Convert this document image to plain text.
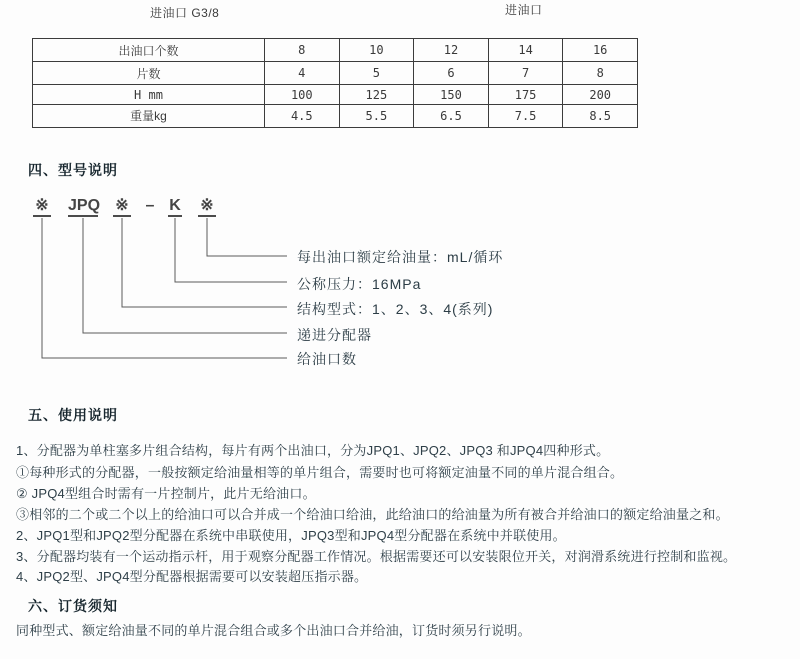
进油口 G3/8	进油口
出油口个数	8	10	12	14	16
片数	4	5	6	7	8
H mm	100	125	150	175	200
重量kg	4.5	5.5	6.5	7.5	8.5
四、型号说明
※ JPQ ※ – K ※
每出油口额定给油量：mL/循环
公称压力：16MPa
结构型式：1、2、3、4(系列)
递进分配器
给油口数
五、使用说明
1、分配器为单柱塞多片组合结构，每片有两个出油口，分为JPQ1、JPQ2、JPQ3 和JPQ4四种形式。
①每种形式的分配器，一般按额定给油量相等的单片组合，需要时也可将额定油量不同的单片混合组合。
② JPQ4型组合时需有一片控制片，此片无给油口。
③相邻的二个或二个以上的给油口可以合并成一个给油口给油，此给油口的给油量为所有被合并给油口的额定给油量之和。
2、JPQ1型和JPQ2型分配器在系统中串联使用，JPQ3型和JPQ4型分配器在系统中并联使用。
3、分配器均装有一个运动指示杆，用于观察分配器工作情况。根据需要还可以安装限位开关，对润滑系统进行控制和监视。
4、JPQ2型、JPQ4型分配器根据需要可以安装超压指示器。
六、订货须知
同种型式、额定给油量不同的单片混合组合或多个出油口合并给油，订货时须另行说明。
